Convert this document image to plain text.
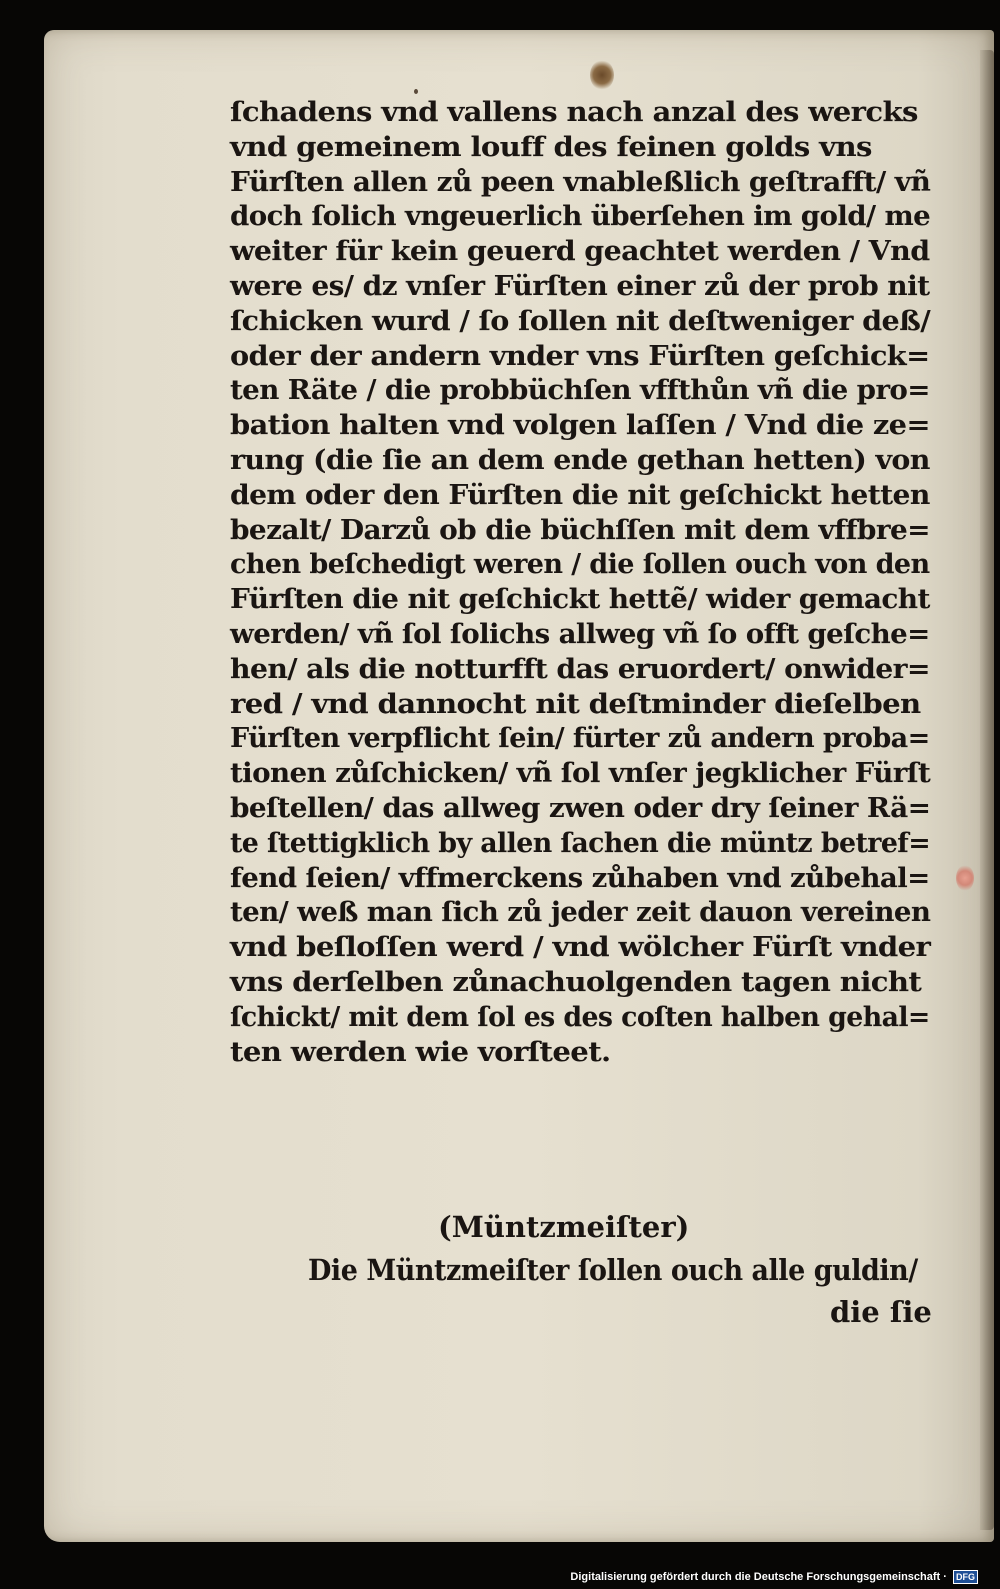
ſchadens vnd vallens nach anzal des wercks
vnd gemeinem louff des feinen golds vns
Fürſten allen zů peen vnableßlich geſtrafft/ vñ
doch ſolich vngeuerlich überſehen im gold/ me
weiter für kein geuerd geachtet werden / Vnd
were es/ dz vnſer Fürſten einer zů der prob nit
ſchicken wurd / ſo ſollen nit deſtweniger deß/
oder der andern vnder vns Fürſten geſchick=
ten Räte / die probbüchſen vffthůn vñ die pro=
bation halten vnd volgen laſſen / Vnd die ze=
rung (die ſie an dem ende gethan hetten) von
dem oder den Fürſten die nit geſchickt hetten
bezalt/ Darzů ob die büchſſen mit dem vffbre=
chen beſchedigt weren / die ſollen ouch von den
Fürſten die nit geſchickt hettẽ/ wider gemacht
werden/ vñ ſol ſolichs allweg vñ ſo offt geſche=
hen/ als die notturfft das eruordert/ onwider=
red / vnd dannocht nit deſtminder dieſelben
Fürſten verpflicht ſein/ fürter zů andern proba=
tionen zůſchicken/ vñ ſol vnſer jegklicher Fürſt
beſtellen/ das allweg zwen oder dry ſeiner Rä=
te ſtettigklich by allen ſachen die müntz betref=
fend ſeien/ vffmerckens zůhaben vnd zůbehal=
ten/ weß man ſich zů jeder zeit dauon vereinen
vnd beſloſſen werd / vnd wölcher Fürſt vnder
vns derſelben zůnachuolgenden tagen nicht
ſchickt/ mit dem ſol es des coſten halben gehal=
ten werden wie vorſteet.
(Müntzmeiſter)
Die Müntzmeiſter ſollen ouch alle guldin/
die ſie
Digitalisierung gefördert durch die Deutsche Forschungsgemeinschaft · DFG
